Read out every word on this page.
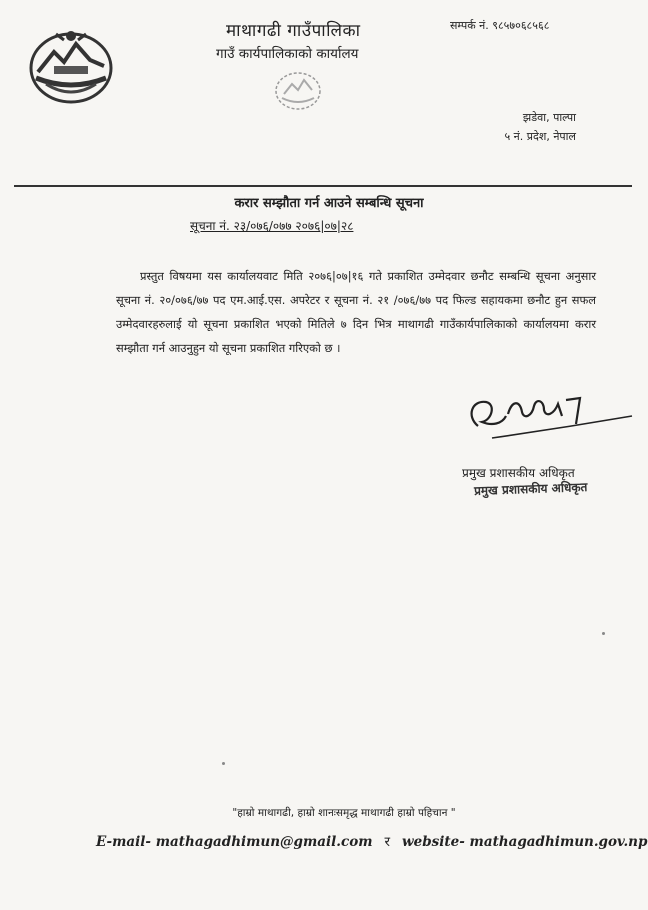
माथागढी गाउँपालिका
गाउँ कार्यपालिकाको कार्यालय
सम्पर्क नं. ९८५७०६८५६८
झडेवा, पाल्पा
५ नं. प्रदेश, नेपाल
करार सम्झौता गर्न आउने सम्बन्धि सूचना
सूचना नं. २३/०७६/०७७ २०७६|०७|२८

प्रस्तुत विषयमा यस कार्यालयवाट मिति २०७६|०७|१६ गते प्रकाशित उम्मेदवार छनौट सम्बन्धि सूचना अनुसार सूचना नं. २०/०७६/७७ पद एम.आई.एस. अपरेटर र सूचना नं. २१ /०७६/७७ पद फिल्ड सहायकमा छनौट हुन सफल उम्मेदवारहरुलाई यो सूचना प्रकाशित भएको मितिले ७ दिन भित्र माथागढी गाउँकार्यपालिकाको कार्यालयमा करार सम्झौता गर्न आउनुहुन यो सूचना प्रकाशित गरिएको छ ।

प्रमुख प्रशासकीय अधिकृत
प्रमुख प्रशासकीय अधिकृत
"हाम्रो माथागढी, हाम्रो शानःसमृद्ध माथागढी हाम्रो पहिचान "
E-mail- mathagadhimun@gmail.com र website- mathagadhimun.gov.np
